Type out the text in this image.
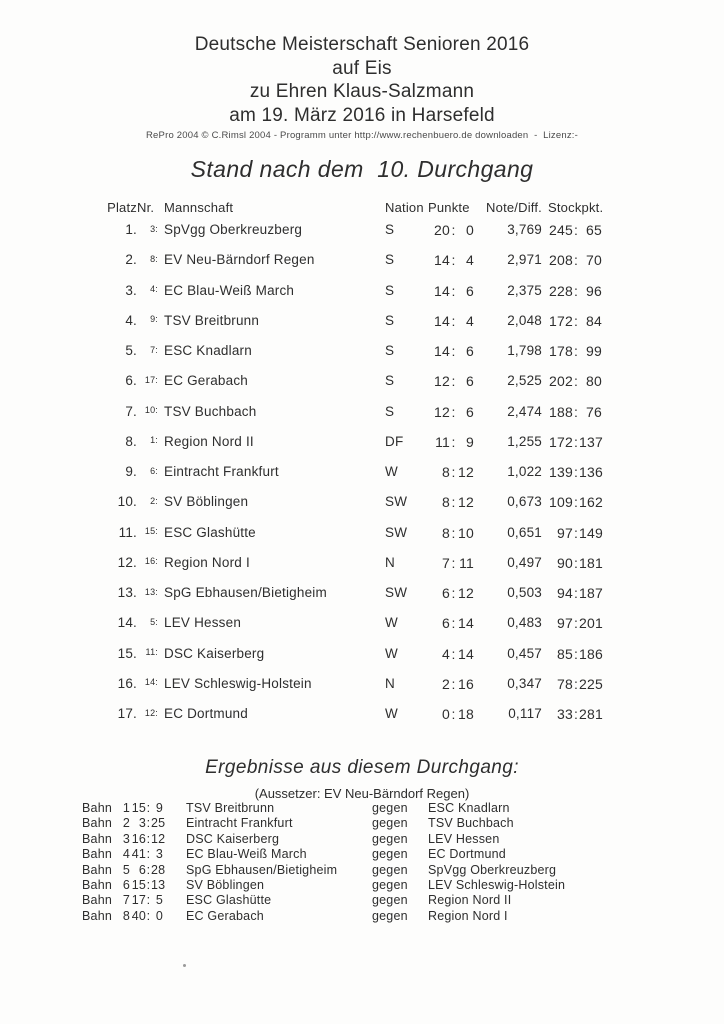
Deutsche Meisterschaft Senioren 2016
auf Eis
zu Ehren Klaus-Salzmann
am 19. März 2016 in Harsefeld
RePro 2004 © C.Rimsl 2004 - Programm unter http://www.rechenbuero.de downloaden  -  Lizenz:-
Stand nach dem  10. Durchgang
Platz Nr. Mannschaft	Nation Punkte	Note/Diff. Stockpkt.
1.	3: SpVgg Oberkreuzberg	S	20 : 0	3,769 245 : 65
2.	8: EV Neu-Bärndorf Regen	S	14 : 4	2,971 208 : 70
3.	4: EC Blau-Weiß March	S	14 : 6	2,375 228 : 96
4.	9: TSV Breitbrunn	S	14 : 4	2,048 172 : 84
5.	7: ESC Knadlarn	S	14 : 6	1,798 178 : 99
6. 17: EC Gerabach	S	12 : 6	2,525 202 : 80
7. 10: TSV Buchbach	S	12 : 6	2,474 188 : 76
8.	1: Region Nord II	DF	11 : 9	1,255 172 : 137
9.	6: Eintracht Frankfurt	W	8 : 12	1,022 139 : 136
10.	2: SV Böblingen	SW	8 : 12	0,673 109 : 162
11. 15: ESC Glashütte	SW	8 : 10	0,651	97 : 149
12. 16: Region Nord I	N	7 : 11	0,497	90 : 181
13. 13: SpG Ebhausen/Bietigheim	SW	6 : 12	0,503	94 : 187
14.	5: LEV Hessen	W	6 : 14	0,483	97 : 201
15. 11: DSC Kaiserberg	W	4 : 14	0,457	85 : 186
16. 14: LEV Schleswig-Holstein	N	2 : 16	0,347	78 : 225
17. 12: EC Dortmund	W	0 : 18	0,117	33 : 281
Ergebnisse aus diesem Durchgang:
(Aussetzer: EV Neu-Bärndorf Regen)
Bahn 1 15 : 9 TSV Breitbrunn	gegen	ESC Knadlarn
Bahn 2 3 : 25 Eintracht Frankfurt	gegen	TSV Buchbach
Bahn 3 16 : 12 DSC Kaiserberg	gegen	LEV Hessen
Bahn 4 41 : 3 EC Blau-Weiß March	gegen	EC Dortmund
Bahn 5 6 : 28 SpG Ebhausen/Bietigheim	gegen	SpVgg Oberkreuzberg
Bahn 6 15 : 13 SV Böblingen	gegen	LEV Schleswig-Holstein
Bahn 7 17 : 5 ESC Glashütte	gegen	Region Nord II
Bahn 8 40 : 0 EC Gerabach	gegen	Region Nord I
